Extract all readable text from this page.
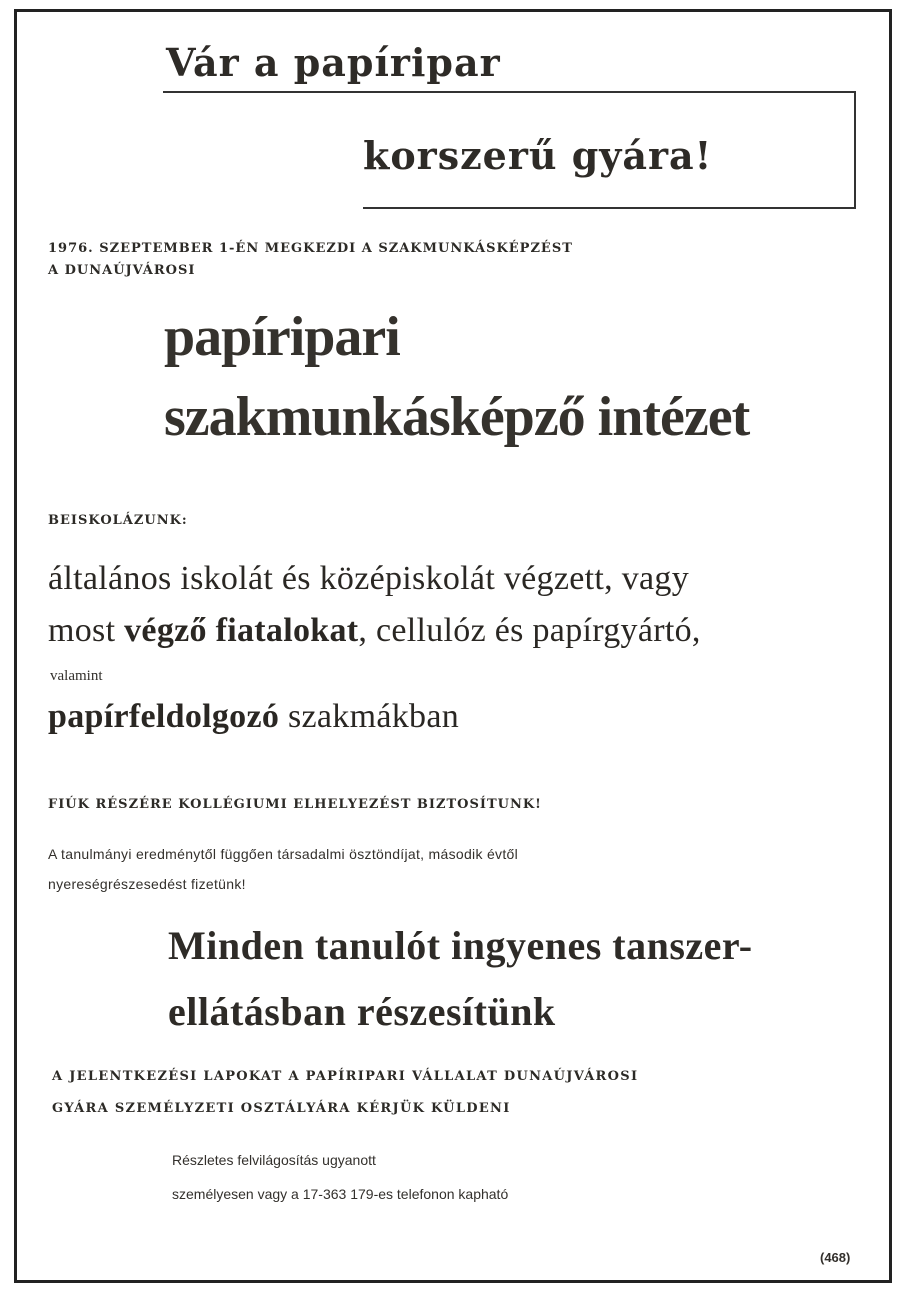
Vár a papíripar
korszerű gyára!
1976. SZEPTEMBER 1-ÉN MEGKEZDI A SZAKMUNKÁSKÉPZÉST
A DUNAÚJVÁROSI
papíripari
szakmunkásképző intézet
BEISKOLÁZUNK:
általános iskolát és középiskolát végzett, vagy
most végző fiatalokat, cellulóz és papírgyártó,
valamint
papírfeldolgozó szakmákban
FIÚK RÉSZÉRE KOLLÉGIUMI ELHELYEZÉST BIZTOSÍTUNK!
A tanulmányi eredménytől függően társadalmi ösztöndíjat, második évtől
nyereségrészesedést fizetünk!
Minden tanulót ingyenes tanszer-
ellátásban részesítünk
A JELENTKEZÉSI LAPOKAT A PAPÍRIPARI VÁLLALAT DUNAÚJVÁROSI
GYÁRA SZEMÉLYZETI OSZTÁLYÁRA KÉRJÜK KÜLDENI
Részletes felvilágosítás ugyanott
személyesen vagy a 17-363 179-es telefonon kapható
(468)
